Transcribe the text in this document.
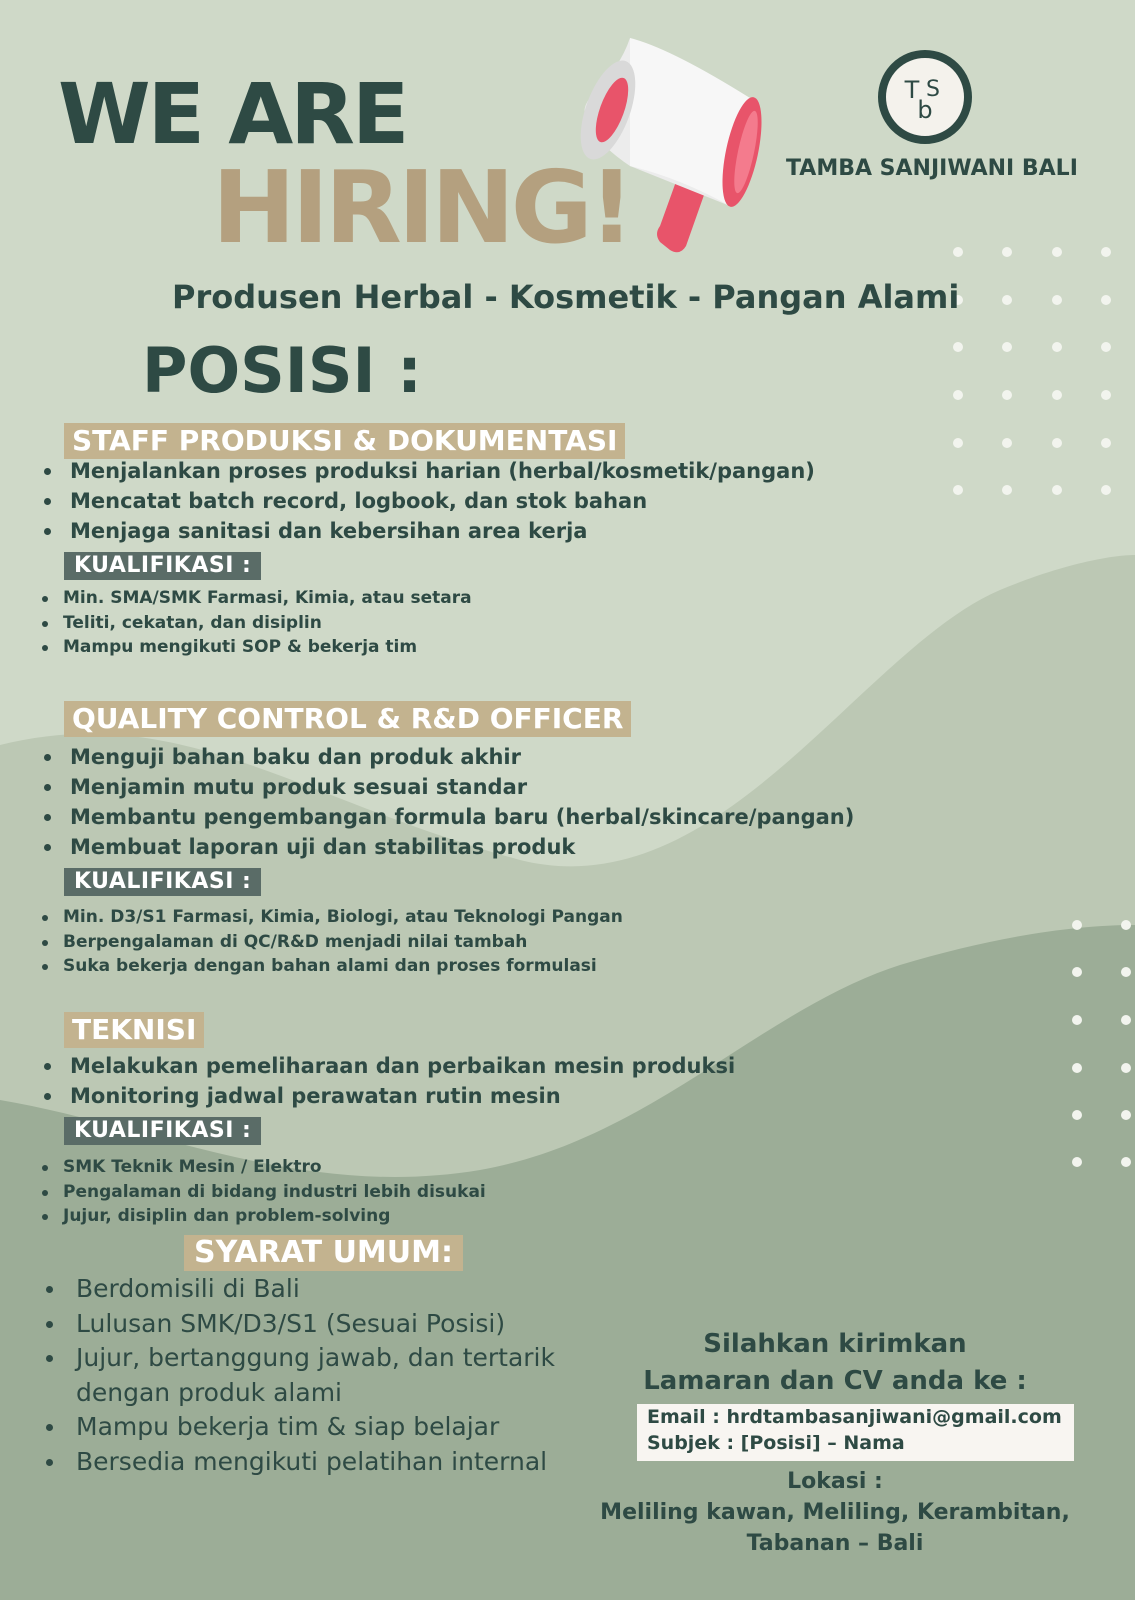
T S
b
WE ARE
HIRING!	TAMBA SANJIWANI BALI
Produsen Herbal - Kosmetik - Pangan Alami
POSISI :
STAFF PRODUKSI & DOKUMENTASI
Menjalankan proses produksi harian (herbal/kosmetik/pangan)
Mencatat batch record, logbook, dan stok bahan
Menjaga sanitasi dan kebersihan area kerja
KUALIFIKASI :
Min. SMA/SMK Farmasi, Kimia, atau setara
Teliti, cekatan, dan disiplin
Mampu mengikuti SOP & bekerja tim
QUALITY CONTROL & R&D OFFICER
Menguji bahan baku dan produk akhir
Menjamin mutu produk sesuai standar
Membantu pengembangan formula baru (herbal/skincare/pangan)
Membuat laporan uji dan stabilitas produk
KUALIFIKASI :
Min. D3/S1 Farmasi, Kimia, Biologi, atau Teknologi Pangan
Berpengalaman di QC/R&D menjadi nilai tambah
Suka bekerja dengan bahan alami dan proses formulasi
TEKNISI
Melakukan pemeliharaan dan perbaikan mesin produksi
Monitoring jadwal perawatan rutin mesin
KUALIFIKASI :
SMK Teknik Mesin / Elektro
Pengalaman di bidang industri lebih disukai
Jujur, disiplin dan problem-solving
SYARAT UMUM:
Berdomisili di Bali
Lulusan SMK/D3/S1 (Sesuai Posisi)
Jujur, bertanggung jawab, dan tertarik dengan produk alami
Mampu bekerja tim & siap belajar
Bersedia mengikuti pelatihan internal
Silahkan kirimkan
Lamaran dan CV anda ke :
Email : hrdtambasanjiwani@gmail.com
Subjek : [Posisi] – Nama
Lokasi :
Meliling kawan, Meliling, Kerambitan,
Tabanan – Bali
